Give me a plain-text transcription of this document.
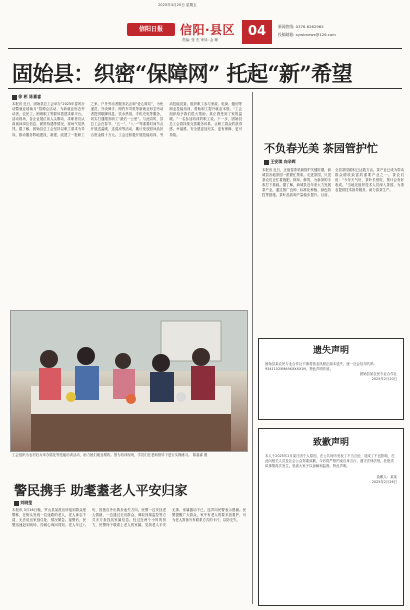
2025年3月20日 星期五
信阳日报	信阳·县区
责编: 张 杰 审读: 金 珊
04	新闻热线: 0376-6262965
投稿邮箱: xywbnews@126.com
固始县：织密“保障网” 托起“新”希望
徐 彬 陈嘉睿
本报讯 近日，固始县总工会举办“2025年春风行动暨就业援助月”招聘会活动，为新就业形态劳动者、农民工、困难职工等群体搭建求职平台。活动现场，各企业展位前人头攒动，求职者们认真询问岗位信息、薪资待遇等情况，现场气氛热烈。据了解，固始县总工会坚持以职工需求为导向，推动服务阵地建设，新建、改建了一批职工之家、户外劳动者服务站点和“爱心驿站”，为快递员、外卖骑手、网约车司机等新就业形态劳动者提供歇脚休息、饮水热饭、手机充电等服务，切实打通服务职工“最后一公里”。与此同时，县总工会在春节、“五一”、“八一”等重要时间节点开展送温暖、送清凉等活动，累计发放慰问品折合资金数十万元。工会还积极开展技能培训、劳动技能竞赛，组织职工参与家政、电商、缝纫等职业技能培训，帮助职工提升就业本领。“工会组织给予我们很大帮助，真正感受到了家的温暖。”一名参加培训的职工说。下一步，固始县总工会将持续完善服务体系，让职工群众的获得感、幸福感、安全感更加充实、更有保障、更可持续。
不负春光美 茶园管护忙
王安琪 向辛晖
本报讯 近日，正值春茶采摘管护关键时期，商城县各地茶园一派繁忙景象。走进茶园，只见茶农们正忙着施肥、除草、修剪，为新茶的丰收打下基础。据了解，商城县近年来大力发展茶产业，通过推广良种、标准化种植、绿色防控等措施，茶叶品质和产量稳步提升。目前，全县茶园面积已达数万亩，茶产业已成为带动群众增收致富的重要产业之一。茶农们说：“今年天气好，茶叶长势旺，预计会有好收成。”当地还组织技术人员深入茶园，为茶农提供技术指导服务，助力春茶生产。
工会组织为农村妇女举办插花等技能培训活动，助力她们就业增收。图为培训现场，学员们在老师指导下进行实操练习。 陈嘉睿 摄
遗失声明
固始县某农民专业合作社不慎将营业执照正副本遗失，统一社会信用代码：93411525MA9XXXXX1N，特此声明作废。
固始县某农民专业合作社
2025年2月20日
警民携手 助耄耋老人平安归家
刘晓莹
本报讯 3月16日晚，罗山县某派出所接到群众报警称，在街头发现一位迷路的老人，老人神志不清，无法说出家庭住址，情况紧急。接警后，民警迅速赶到现场，经耐心询问得知，老人年过八旬，因独自外出散步迷失方向。民警一边安抚老人情绪，一边通过走访群众、调取视频监控等方式多方查找其家属信息。经过近两个小时的努力，民警终于联系上老人的家属。见到老人平安无事，家属激动不已，连声向民警表示感谢。民警提醒广大群众，家中有老人的要多加看护，可为老人准备写有联系方式的卡片，以防走失。
致歉声明
本人于2025年2月某日因个人原因，在公共场所发表了不当言论，造成了不良影响，在此向相关人员及社会公众郑重致歉，今后将严格约束自身言行，遵守法律法规，杜绝类似事情再次发生。恳请大家予以谅解和监督。特此声明。
致歉人：某某
2025年2月26日
